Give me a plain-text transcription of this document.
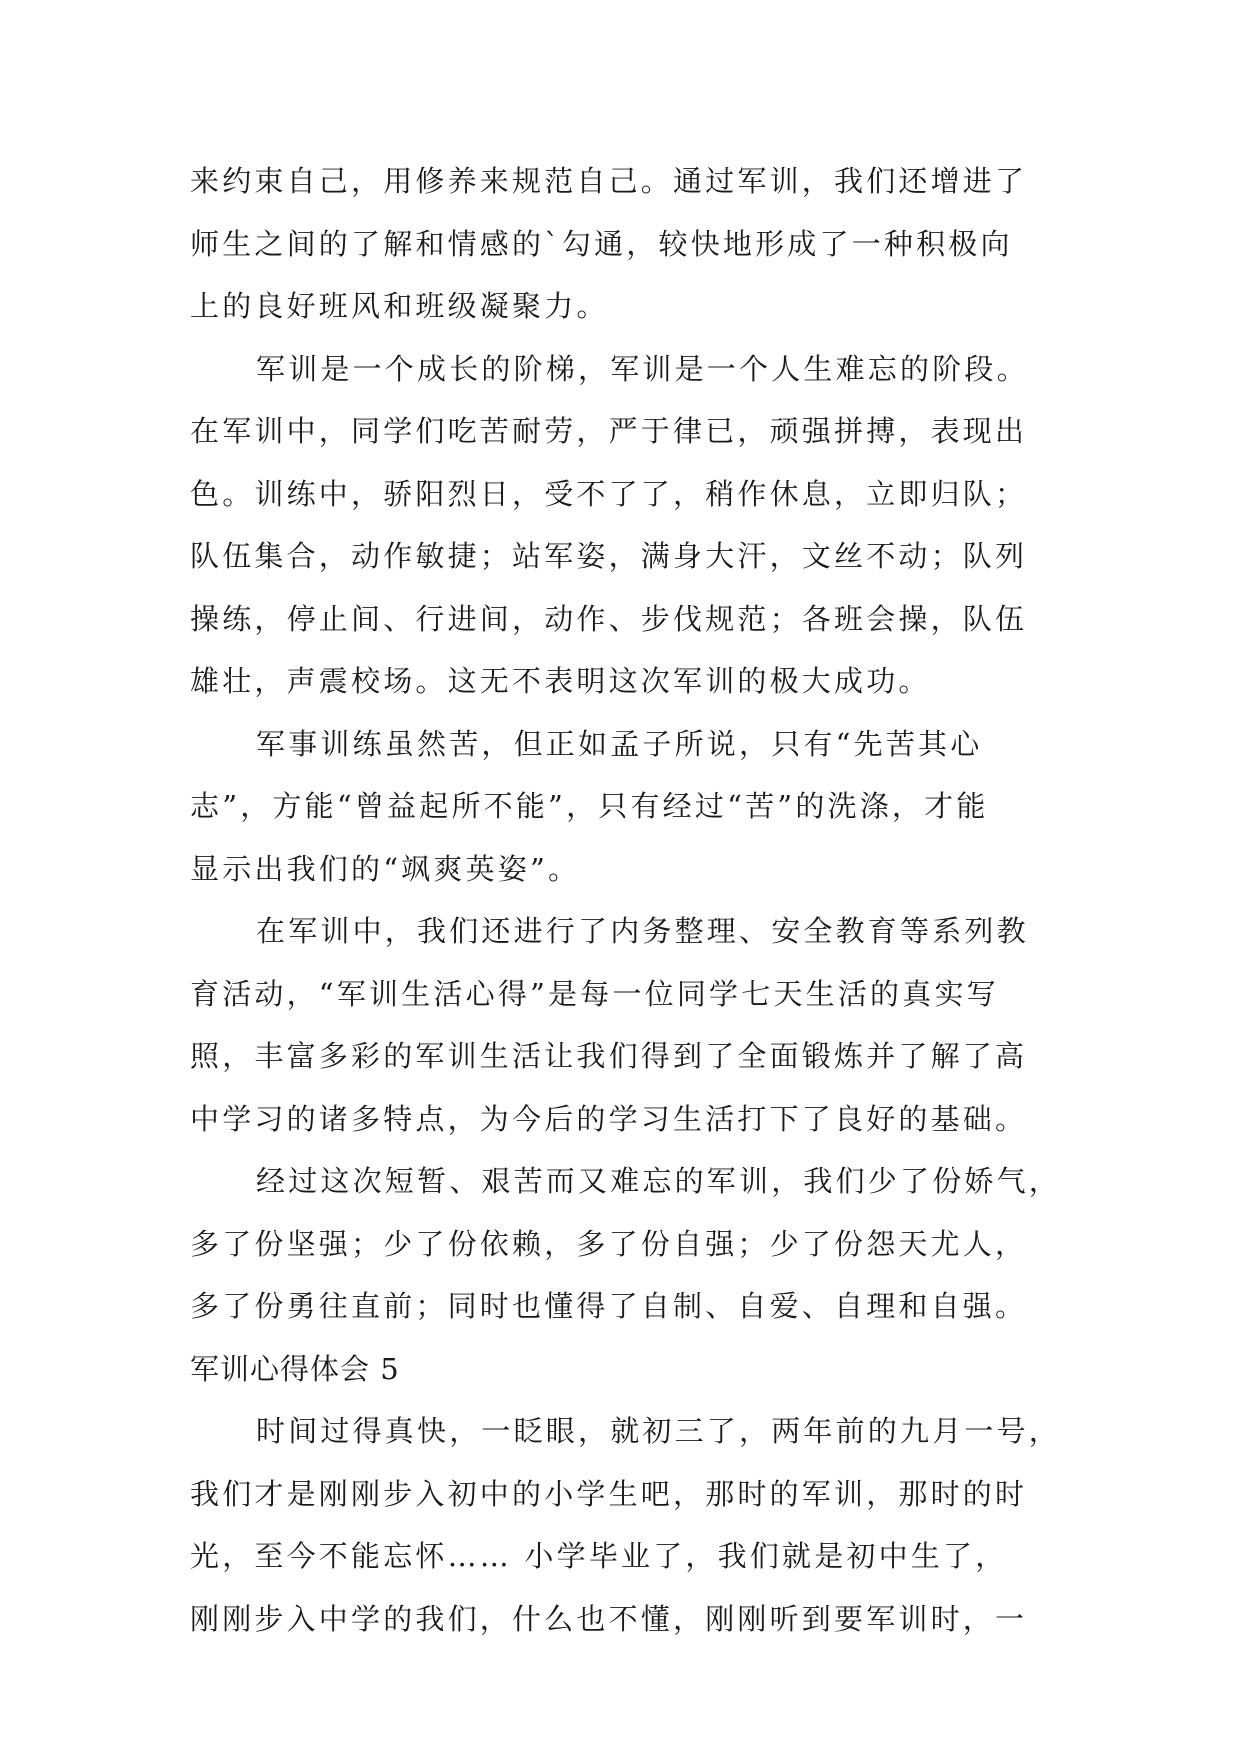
来约束自己，用修养来规范自己。通过军训，我们还增进了
师生之间的了解和情感的`勾通，较快地形成了一种积极向
上的良好班风和班级凝聚力。
军训是一个成长的阶梯，军训是一个人生难忘的阶段。
在军训中，同学们吃苦耐劳，严于律已，顽强拼搏，表现出
色。训练中，骄阳烈日，受不了了，稍作休息，立即归队；
队伍集合，动作敏捷；站军姿，满身大汗，文丝不动；队列
操练，停止间、行进间，动作、步伐规范；各班会操，队伍
雄壮，声震校场。这无不表明这次军训的极大成功。
军事训练虽然苦，但正如孟子所说，只有“先苦其心
志”，方能“曾益起所不能”，只有经过“苦”的洗涤，才能
显示出我们的“飒爽英姿”。
在军训中，我们还进行了内务整理、安全教育等系列教
育活动，“军训生活心得”是每一位同学七天生活的真实写
照，丰富多彩的军训生活让我们得到了全面锻炼并了解了高
中学习的诸多特点，为今后的学习生活打下了良好的基础。
经过这次短暂、艰苦而又难忘的军训，我们少了份娇气，
多了份坚强；少了份依赖，多了份自强；少了份怨天尤人，
多了份勇往直前；同时也懂得了自制、自爱、自理和自强。
军训心得体会 5
时间过得真快，一眨眼，就初三了，两年前的九月一号，
我们才是刚刚步入初中的小学生吧，那时的军训，那时的时
光，至今不能忘怀…… 小学毕业了，我们就是初中生了，
刚刚步入中学的我们，什么也不懂，刚刚听到要军训时，一
